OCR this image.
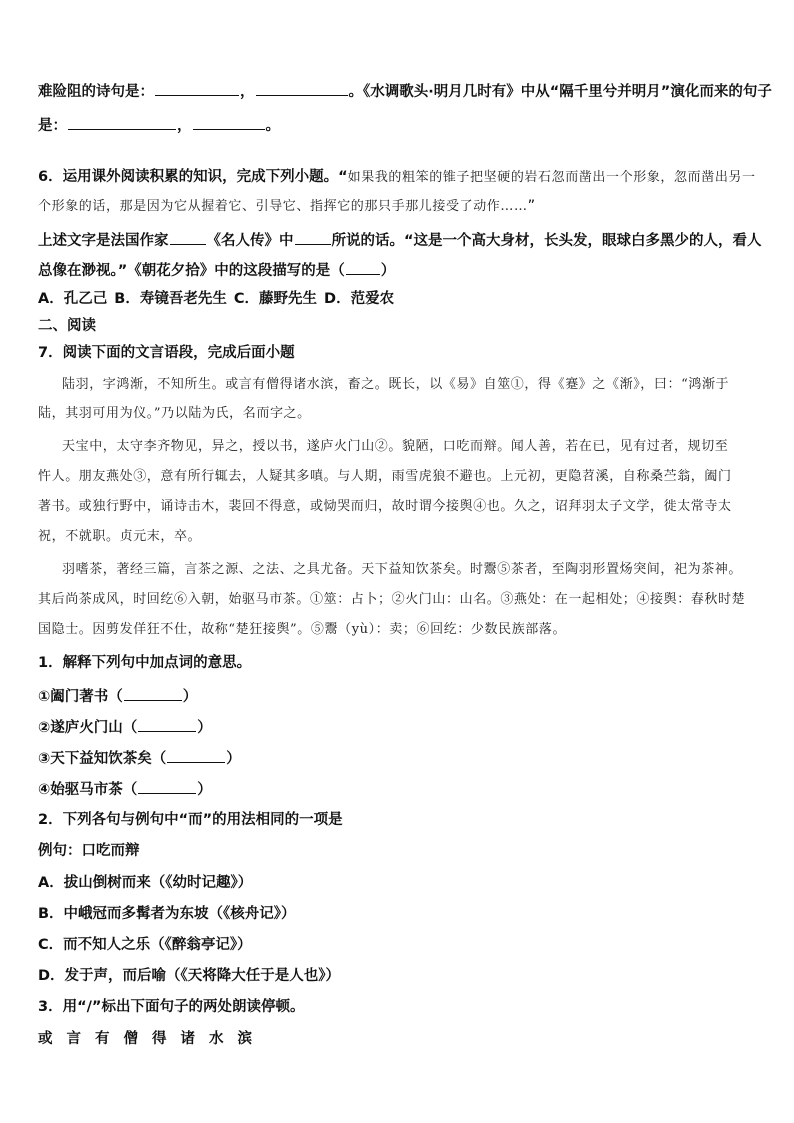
难险阻的诗句是：	，	。《水调歌头·明月几时有》中从“隔千里兮并明月”演化而来的句子
是：	，	。
6．运用课外阅读积累的知识，完成下列小题。“如果我的粗笨的锥子把坚硬的岩石忽而凿出一个形象，忽而凿出另一
个形象的话，那是因为它从握着它、引导它、指挥它的那只手那儿接受了动作……”
上述文字是法国作家	《名人传》中	所说的话。“这是一个高大身材，长头发，眼球白多黑少的人，看人
总像在渺视。”《朝花夕拾》中的这段描写的是（ ）
A．孔乙己 B．寿镜吾老先生 C．藤野先生 D．范爱农
二、阅读
7．阅读下面的文言语段，完成后面小题
陆羽，字鸿渐，不知所生。或言有僧得诸水滨，畜之。既长，以《易》自筮①，得《蹇》之《渐》，曰：“鸿渐于
陆，其羽可用为仪。”乃以陆为氏，名而字之。
天宝中，太守李齐物见，异之，授以书，遂庐火门山②。貌陋，口吃而辩。闻人善，若在已，见有过者，规切至
忤人。朋友燕处③，意有所行辄去，人疑其多嗔。与人期，雨雪虎狼不避也。上元初，更隐苕溪，自称桑苎翁，阖门
著书。或独行野中，诵诗击木，裴回不得意，或恸哭而归，故时谓今接舆④也。久之，诏拜羽太子文学，徙太常寺太
祝，不就职。贞元末，卒。
羽嗜茶，著经三篇，言茶之源、之法、之具尤备。天下益知饮茶矣。时鬻⑤茶者，至陶羽形置炀突间，祀为茶神。
其后尚茶成风，时回纥⑥入朝，始驱马市茶。①筮：占卜；②火门山：山名。③燕处：在一起相处；④接舆：春秋时楚
国隐士。因剪发佯狂不仕，故称“楚狂接舆”。⑤鬻（yù）：卖；⑥回纥：少数民族部落。
1．解释下列句中加点词的意思。
①阖门著书（	）
②遂庐火门山（	）
③天下益知饮茶矣（	）
④始驱马市茶（	）
2．下列各句与例句中“而”的用法相同的一项是
例句：口吃而辩
A．拔山倒树而来（《幼时记趣》）
B．中峨冠而多髯者为东坡（《核舟记》）
C．而不知人之乐（《醉翁亭记》）
D．发于声，而后喻（《天将降大任于是人也》）
3．用“/”标出下面句子的两处朗读停顿。
或言有僧得诸水滨
